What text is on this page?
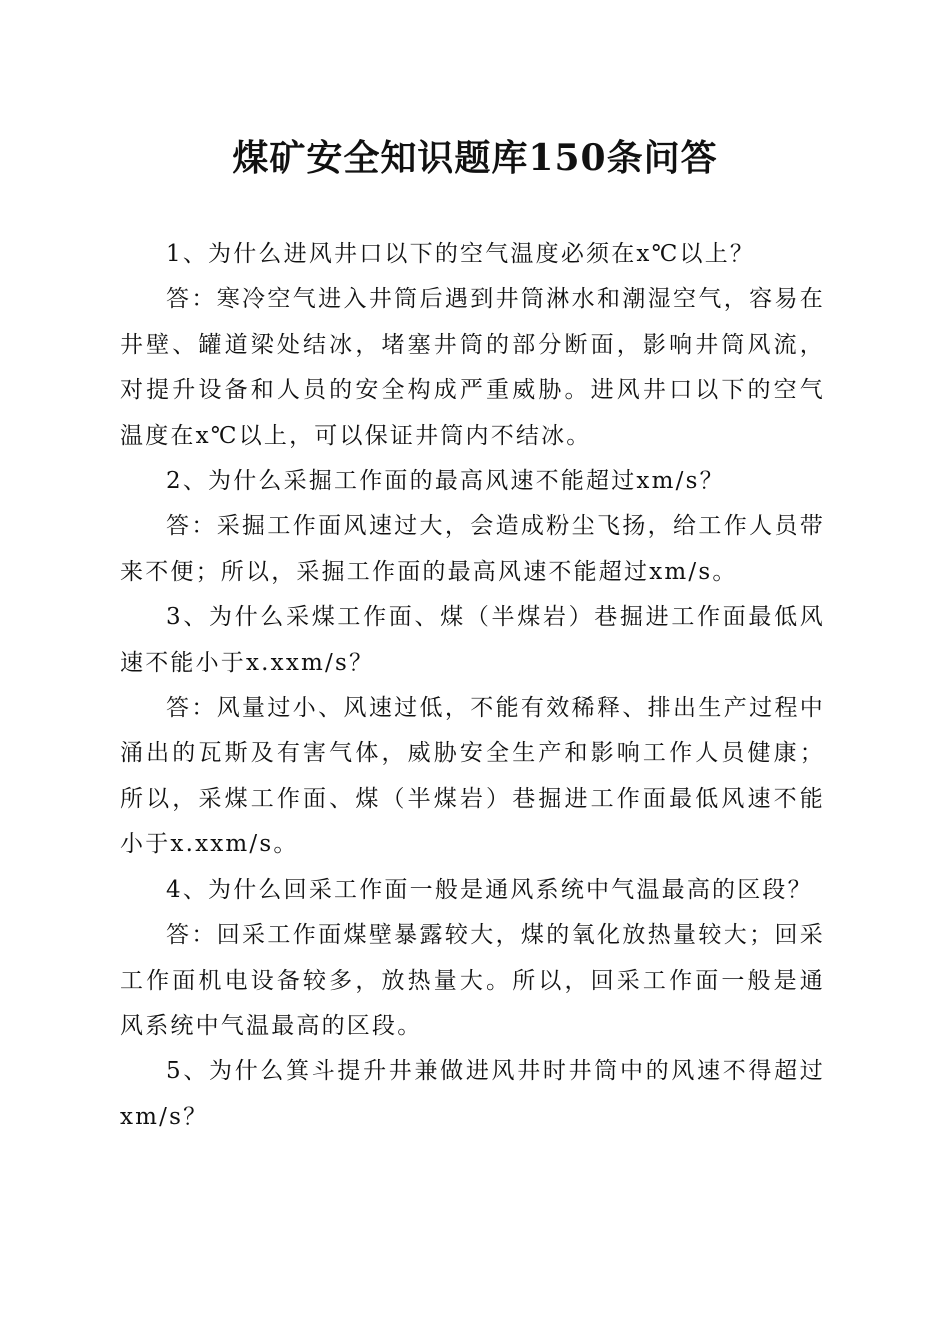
煤矿安全知识题库150条问答

1、为什么进风井口以下的空气温度必须在x℃以上？

答：寒冷空气进入井筒后遇到井筒淋水和潮湿空气，容易在井壁、罐道梁处结冰，堵塞井筒的部分断面，影响井筒风流，对提升设备和人员的安全构成严重威胁。进风井口以下的空气温度在x℃以上，可以保证井筒内不结冰。

2、为什么采掘工作面的最高风速不能超过xm/s？

答：采掘工作面风速过大，会造成粉尘飞扬，给工作人员带来不便；所以，采掘工作面的最高风速不能超过xm/s。

3、为什么采煤工作面、煤（半煤岩）巷掘进工作面最低风速不能小于x.xxm/s？

答：风量过小、风速过低，不能有效稀释、排出生产过程中涌出的瓦斯及有害气体，威胁安全生产和影响工作人员健康；所以，采煤工作面、煤（半煤岩）巷掘进工作面最低风速不能小于x.xxm/s。

4、为什么回采工作面一般是通风系统中气温最高的区段？

答：回采工作面煤壁暴露较大，煤的氧化放热量较大；回采工作面机电设备较多，放热量大。所以，回采工作面一般是通风系统中气温最高的区段。

5、为什么箕斗提升井兼做进风井时井筒中的风速不得超过xm/s？
